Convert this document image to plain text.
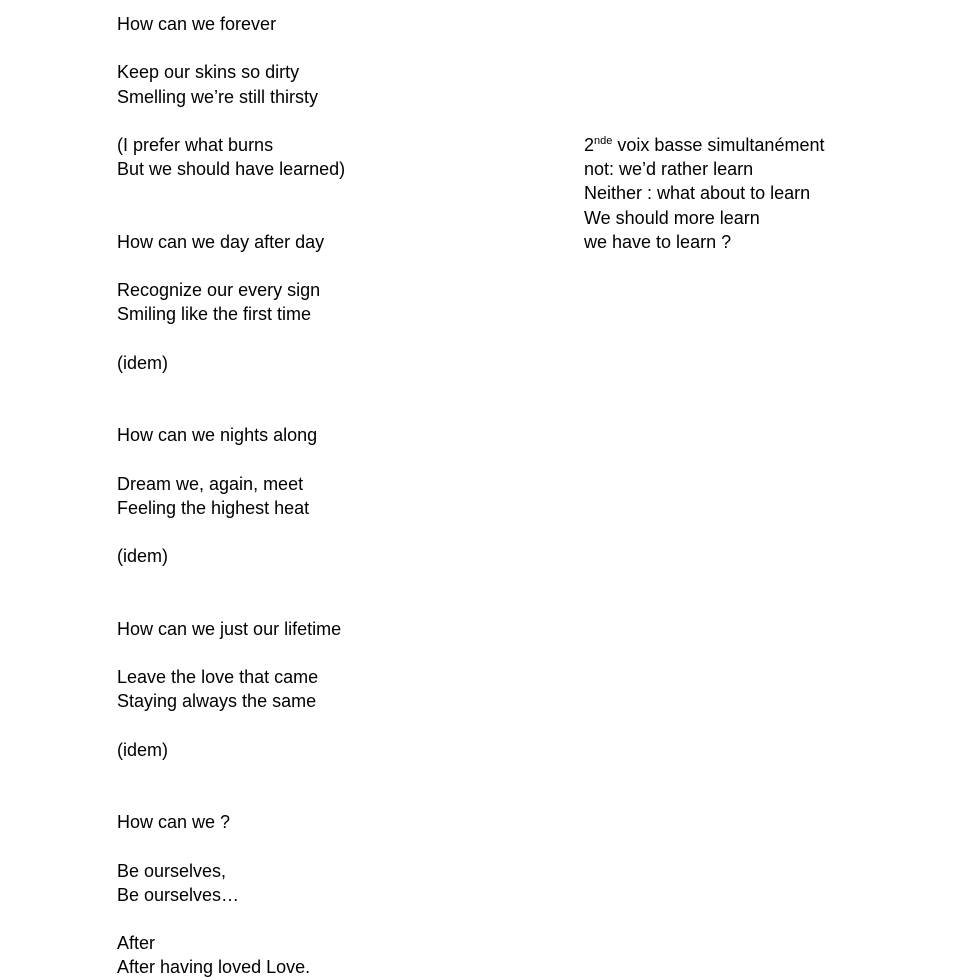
How can we forever
Keep our skins so dirty
Smelling we’re still thirsty
(I prefer what burns
But we should have learned)
How can we day after day
Recognize our every sign
Smiling like the first time
(idem)
How can we nights along
Dream we, again, meet
Feeling the highest heat
(idem)
How can we just our lifetime
Leave the love that came
Staying always the same
(idem)
How can we ?
Be ourselves,
Be ourselves…
After
After having loved Love.
2nde voix basse simultanément
not: we’d rather learn
Neither : what about to learn
We should more learn
we have to learn ?
